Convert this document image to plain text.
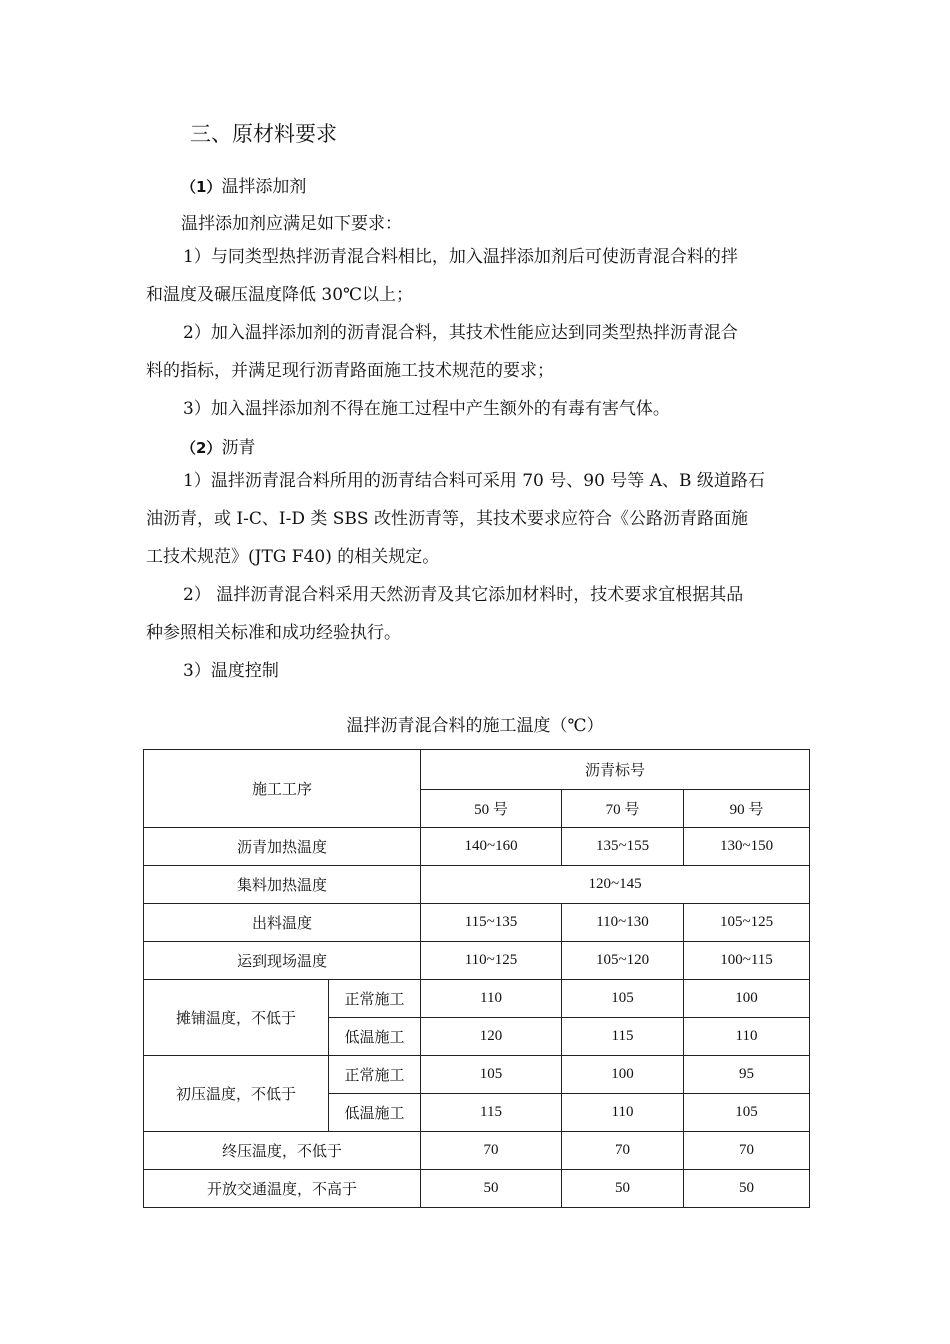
三、原材料要求
（1）温拌添加剂
温拌添加剂应满足如下要求：
1）与同类型热拌沥青混合料相比，加入温拌添加剂后可使沥青混合料的拌
和温度及碾压温度降低 30℃以上；
2）加入温拌添加剂的沥青混合料，其技术性能应达到同类型热拌沥青混合
料的指标，并满足现行沥青路面施工技术规范的要求；
3）加入温拌添加剂不得在施工过程中产生额外的有毒有害气体。
（2）沥青
1）温拌沥青混合料所用的沥青结合料可采用 70 号、90 号等 A、B 级道路石
油沥青，或 I-C、I-D 类 SBS 改性沥青等，其技术要求应符合《公路沥青路面施
工技术规范》(JTG F40) 的相关规定。
2） 温拌沥青混合料采用天然沥青及其它添加材料时，技术要求宜根据其品
种参照相关标准和成功经验执行。
3）温度控制
温拌沥青混合料的施工温度（℃）
施工工序		沥青标号		
		50 号	70 号	90 号
沥青加热温度		140~160	135~155	130~150
集料加热温度		120~145		
出料温度		115~135	110~130	105~125
运到现场温度		110~125	105~120	100~115
摊铺温度，不低于	正常施工	110	105	100
	低温施工	120	115	110
初压温度，不低于	正常施工	105	100	95
	低温施工	115	110	105
终压温度，不低于		70	70	70
开放交通温度，不高于		50	50	50
